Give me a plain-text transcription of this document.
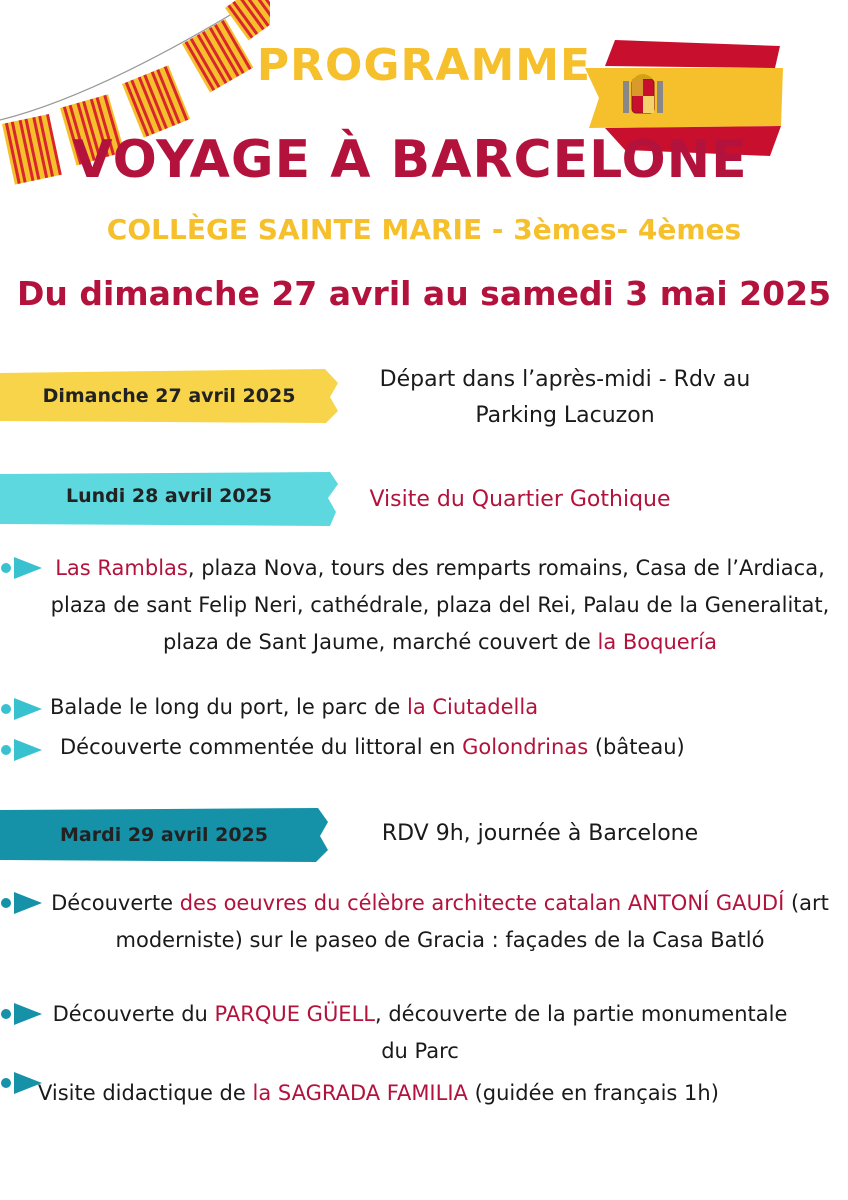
PROGRAMME
VOYAGE À BARCELONE
COLLÈGE SAINTE MARIE - 3èmes- 4èmes
Du dimanche 27 avril au samedi 3 mai 2025
Dimanche 27 avril 2025
Départ dans l’après-midi - Rdv au
Parking Lacuzon
Lundi 28 avril 2025	Visite du Quartier Gothique
Las Ramblas, plaza Nova, tours des remparts romains, Casa de l’Ardiaca, plaza de sant Felip Neri, cathédrale, plaza del Rei, Palau de la Generalitat, plaza de Sant Jaume, marché couvert de la Boquería
Balade le long du port, le parc de la Ciutadella
Découverte commentée du littoral en Golondrinas (bâteau)
Mardi 29 avril 2025	RDV 9h, journée à Barcelone
Découverte des oeuvres du célèbre architecte catalan ANTONÍ GAUDÍ (art moderniste) sur le paseo de Gracia : façades de la Casa Batló
Découverte du PARQUE GÜELL, découverte de la partie monumentale du Parc
Visite didactique de la SAGRADA FAMILIA (guidée en français 1h)
